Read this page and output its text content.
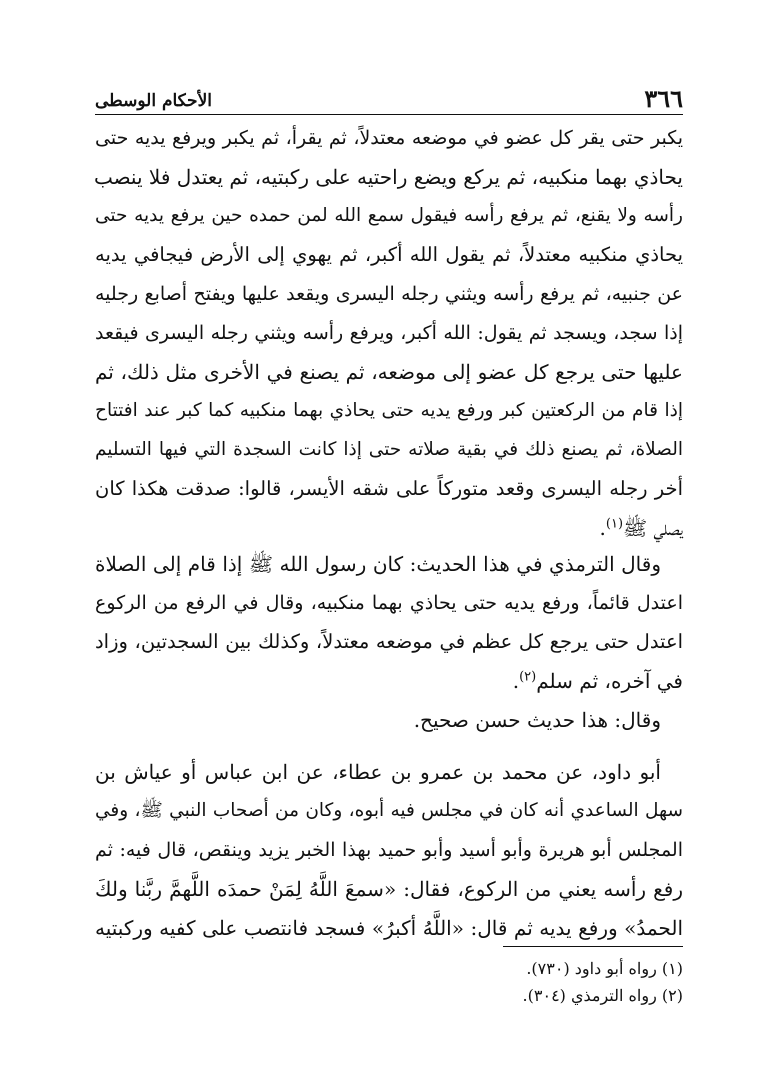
٣٦٦
الأحكام الوسطى
يكبر حتى يقر كل عضو في موضعه معتدلاً، ثم يقرأ، ثم يكبر ويرفع يديه حتى
يحاذي بهما منكبيه، ثم يركع ويضع راحتيه على ركبتيه، ثم يعتدل فلا ينصب
رأسه ولا يقنع، ثم يرفع رأسه فيقول سمع الله لمن حمده حين يرفع يديه حتى
يحاذي منكبيه معتدلاً، ثم يقول الله أكبر، ثم يهوي إلى الأرض فيجافي يديه
عن جنبيه، ثم يرفع رأسه ويثني رجله اليسرى ويقعد عليها ويفتح أصابع رجليه
إذا سجد، ويسجد ثم يقول: الله أكبر، ويرفع رأسه ويثني رجله اليسرى فيقعد
عليها حتى يرجع كل عضو إلى موضعه، ثم يصنع في الأخرى مثل ذلك، ثم
إذا قام من الركعتين كبر ورفع يديه حتى يحاذي بهما منكبيه كما كبر عند افتتاح
الصلاة، ثم يصنع ذلك في بقية صلاته حتى إذا كانت السجدة التي فيها التسليم
أخر رجله اليسرى وقعد متوركاً على شقه الأيسر، قالوا: صدقت هكذا كان
يصلي ﷺ$^{(١)}$.
وقال الترمذي في هذا الحديث: كان رسول الله ﷺ إذا قام إلى الصلاة
اعتدل قائماً، ورفع يديه حتى يحاذي بهما منكبيه، وقال في الرفع من الركوع
اعتدل حتى يرجع كل عظم في موضعه معتدلاً، وكذلك بين السجدتين، وزاد
في آخره، ثم سلم$^{(٢)}$.
وقال: هذا حديث حسن صحيح.
أبو داود، عن محمد بن عمرو بن عطاء، عن ابن عباس أو عياش بن
سهل الساعدي أنه كان في مجلس فيه أبوه، وكان من أصحاب النبي ﷺ، وفي
المجلس أبو هريرة وأبو أسيد وأبو حميد بهذا الخبر يزيد وينقص، قال فيه: ثم
رفع رأسه يعني من الركوع، فقال: «سمعَ اللَّهُ لِمَنْ حمدَه اللَّهمَّ ربَّنا ولكَ
الحمدُ» ورفع يديه ثم قال: «اللَّهُ أكبرُ» فسجد فانتصب على كفيه وركبتيه
(١) رواه أبو داود (٧٣٠).
(٢) رواه الترمذي (٣٠٤).
